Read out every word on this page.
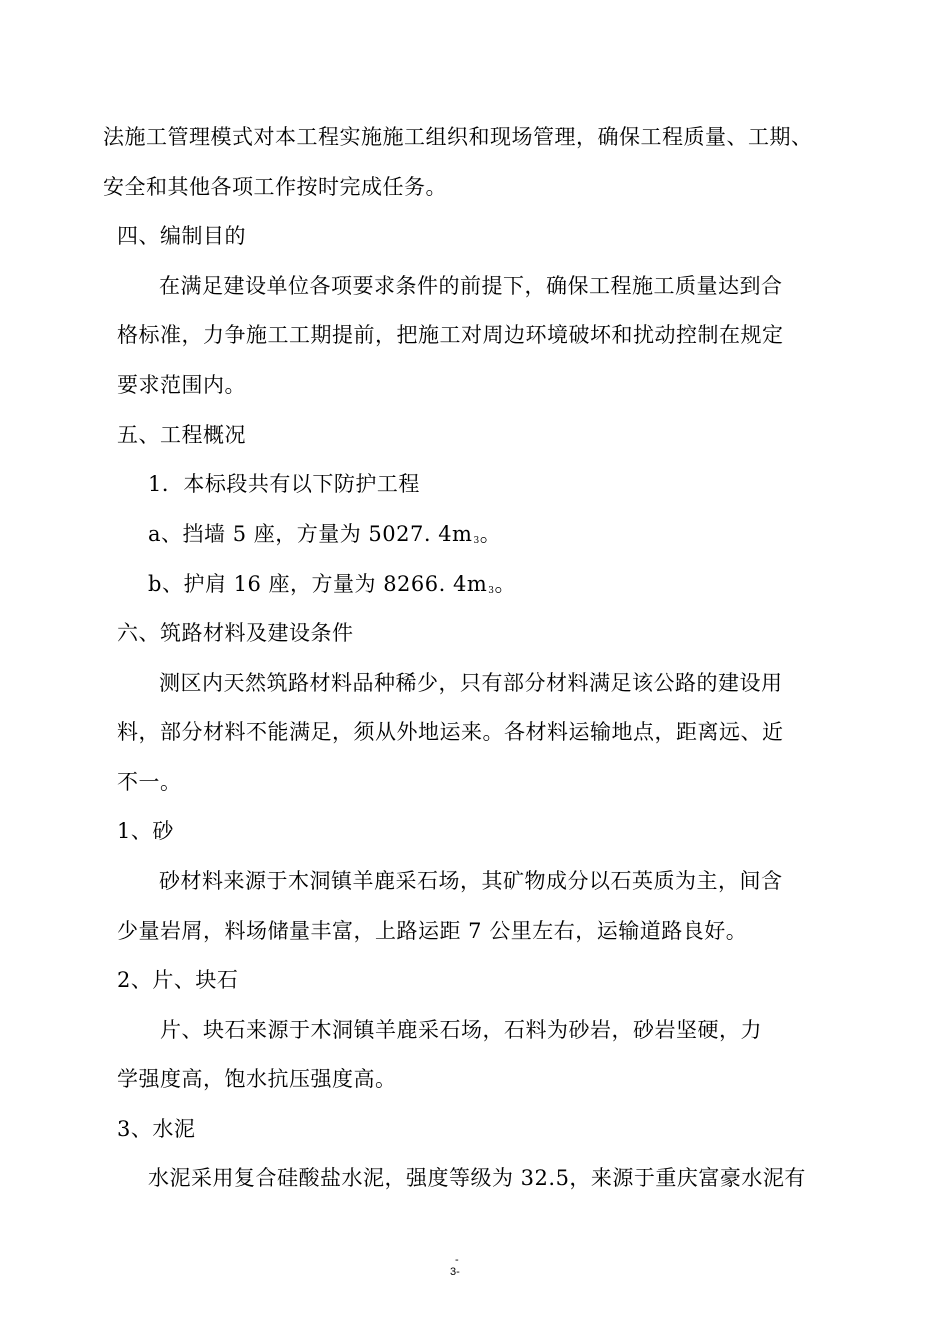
法施工管理模式对本工程实施施工组织和现场管理，确保工程质量、工期、
安全和其他各项工作按时完成任务。
四、编制目的
在满足建设单位各项要求条件的前提下，确保工程施工质量达到合
格标准，力争施工工期提前，把施工对周边环境破坏和扰动控制在规定
要求范围内。
五、工程概况
1．本标段共有以下防护工程
a、挡墙 5 座，方量为 5027. 4m3。
b、护肩 16 座，方量为 8266. 4m3。
六、筑路材料及建设条件
测区内天然筑路材料品种稀少，只有部分材料满足该公路的建设用
料，部分材料不能满足，须从外地运来。各材料运输地点，距离远、近
不一。
1、砂
砂材料来源于木洞镇羊鹿采石场，其矿物成分以石英质为主，间含
少量岩屑，料场储量丰富，上路运距 7 公里左右，运输道路良好。
2、片、块石
片、块石来源于木洞镇羊鹿采石场，石料为砂岩，砂岩坚硬，力
学强度高，饱水抗压强度高。
3、水泥
水泥采用复合硅酸盐水泥，强度等级为 32.5，来源于重庆富豪水泥有
-
3-
